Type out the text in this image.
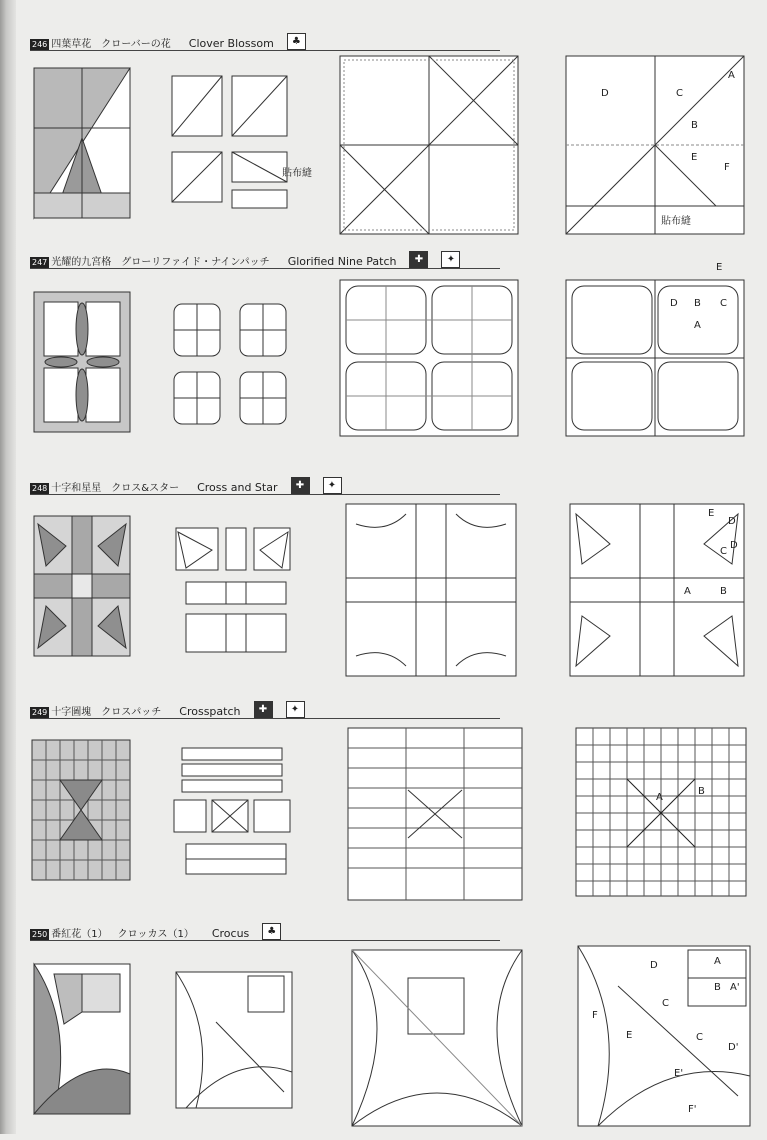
246 四葉草花 クローバーの花 Clover Blossom	♣
貼布縫
D	C
A
B
E
F
貼布縫
247 光耀的九宮格 グローリファイド・ナインパッチ Glorified Nine Patch	✚	✦
E
D B C
A
248 十字和星星 クロス&スター Cross and Star	✚	✦
E
D
D
C
A	B
249 十字圖塊 クロスパッチ Crosspatch	✚	✦
A
B
250 番紅花（1） クロッカス（1） Crocus	♣
D	A
B A'
C
F
E	C
D'
E'
F'
